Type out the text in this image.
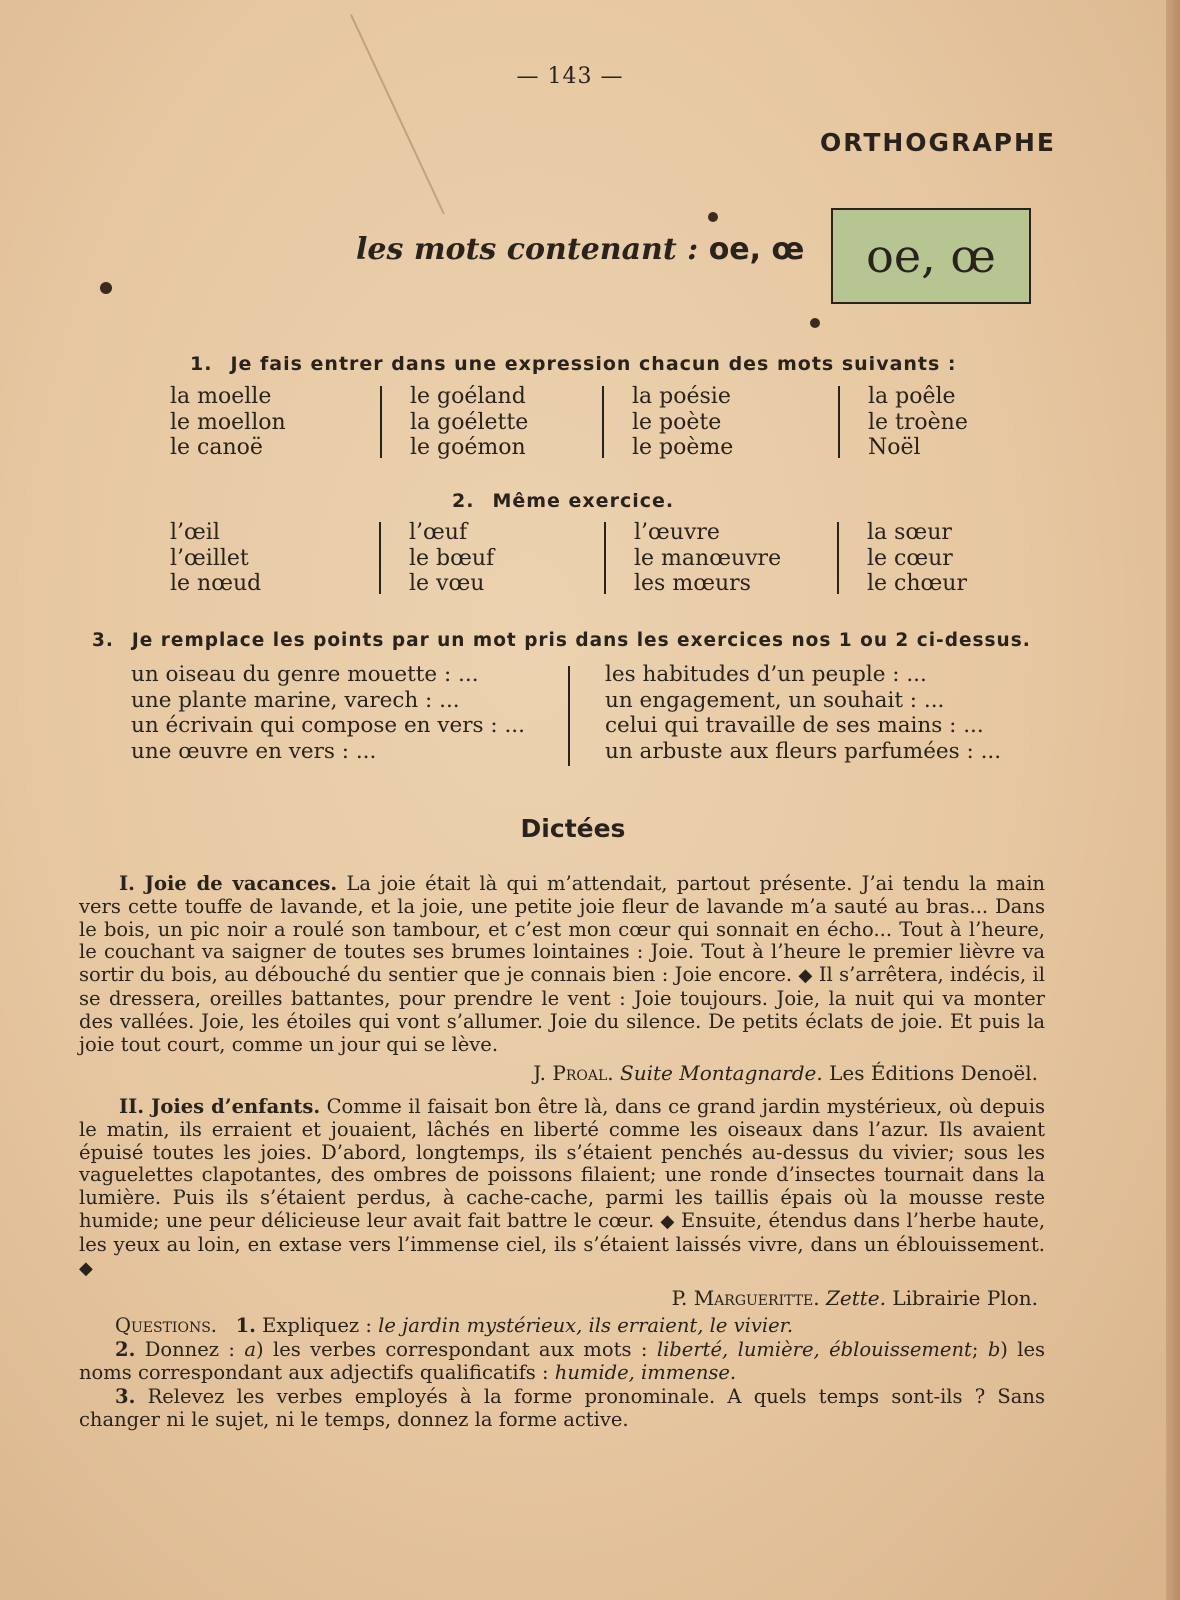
— 143 —
ORTHOGRAPHE
les mots contenant : oe, œ	oe, œ
1. Je fais entrer dans une expression chacun des mots suivants :
la moelle
le moellon
le canoë
le goéland
la goélette
le goémon
la poésie
le poète
le poème
la poêle
le troène
Noël
2. Même exercice.
l’œil
l’œillet
le nœud
l’œuf
le bœuf
le vœu
l’œuvre
le manœuvre
les mœurs
la sœur
le cœur
le chœur
3. Je remplace les points par un mot pris dans les exercices nos 1 ou 2 ci-dessus.
un oiseau du genre mouette : ...
une plante marine, varech : ...
un écrivain qui compose en vers : ...
une œuvre en vers : ...
les habitudes d’un peuple : ...
un engagement, un souhait : ...
celui qui travaille de ses mains : ...
un arbuste aux fleurs parfumées : ...
Dictées
I. Joie de vacances. La joie était là qui m’attendait, partout présente. J’ai tendu la main vers cette touffe de lavande, et la joie, une petite joie fleur de lavande m’a sauté au bras... Dans le bois, un pic noir a roulé son tambour, et c’est mon cœur qui sonnait en écho... Tout à l’heure, le couchant va saigner de toutes ses brumes lointaines : Joie. Tout à l’heure le premier lièvre va sortir du bois, au débouché du sentier que je connais bien : Joie encore. ◆ Il s’arrêtera, indécis, il se dressera, oreilles battantes, pour prendre le vent : Joie toujours. Joie, la nuit qui va monter des vallées. Joie, les étoiles qui vont s’allumer. Joie du silence. De petits éclats de joie. Et puis la joie tout court, comme un jour qui se lève.
J. Proal. Suite Montagnarde. Les Éditions Denoël.
II. Joies d’enfants. Comme il faisait bon être là, dans ce grand jardin mystérieux, où depuis le matin, ils erraient et jouaient, lâchés en liberté comme les oiseaux dans l’azur. Ils avaient épuisé toutes les joies. D’abord, longtemps, ils s’étaient penchés au-dessus du vivier; sous les vaguelettes clapotantes, des ombres de poissons filaient; une ronde d’insectes tournait dans la lumière. Puis ils s’étaient perdus, à cache-cache, parmi les taillis épais où la mousse reste humide; une peur délicieuse leur avait fait battre le cœur. ◆ Ensuite, étendus dans l’herbe haute, les yeux au loin, en extase vers l’immense ciel, ils s’étaient laissés vivre, dans un éblouissement. ◆
P. Margueritte. Zette. Librairie Plon.
Questions. 1. Expliquez : le jardin mystérieux, ils erraient, le vivier.
2. Donnez : a) les verbes correspondant aux mots : liberté, lumière, éblouissement; b) les noms correspondant aux adjectifs qualificatifs : humide, immense.
3. Relevez les verbes employés à la forme pronominale. A quels temps sont-ils ? Sans changer ni le sujet, ni le temps, donnez la forme active.
